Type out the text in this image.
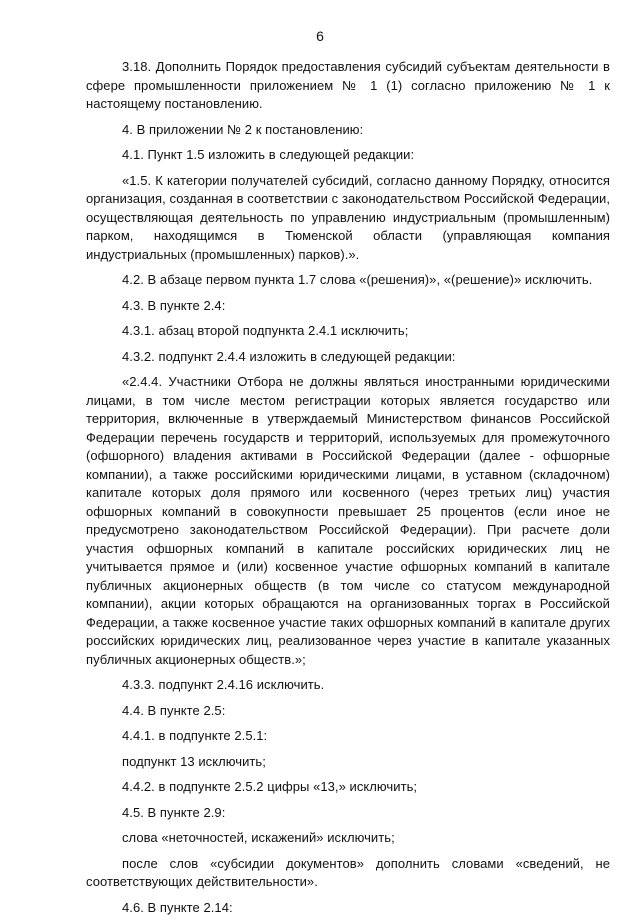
6

3.18. Дополнить Порядок предоставления субсидий субъектам деятельности в сфере промышленности приложением № 1 (1) согласно приложению № 1 к настоящему постановлению.

4. В приложении № 2 к постановлению:

4.1. Пункт 1.5 изложить в следующей редакции:

«1.5. К категории получателей субсидий, согласно данному Порядку, относится организация, созданная в соответствии с законодательством Российской Федерации, осуществляющая деятельность по управлению индустриальным (промышленным) парком, находящимся в Тюменской области (управляющая компания индустриальных (промышленных) парков).».

4.2. В абзаце первом пункта 1.7 слова «(решения)», «(решение)» исключить.

4.3. В пункте 2.4:

4.3.1. абзац второй подпункта 2.4.1 исключить;

4.3.2. подпункт 2.4.4 изложить в следующей редакции:

«2.4.4. Участники Отбора не должны являться иностранными юридическими лицами, в том числе местом регистрации которых является государство или территория, включенные в утверждаемый Министерством финансов Российской Федерации перечень государств и территорий, используемых для промежуточного (офшорного) владения активами в Российской Федерации (далее - офшорные компании), а также российскими юридическими лицами, в уставном (складочном) капитале которых доля прямого или косвенного (через третьих лиц) участия офшорных компаний в совокупности превышает 25 процентов (если иное не предусмотрено законодательством Российской Федерации). При расчете доли участия офшорных компаний в капитале российских юридических лиц не учитывается прямое и (или) косвенное участие офшорных компаний в капитале публичных акционерных обществ (в том числе со статусом международной компании), акции которых обращаются на организованных торгах в Российской Федерации, а также косвенное участие таких офшорных компаний в капитале других российских юридических лиц, реализованное через участие в капитале указанных публичных акционерных обществ.»;

4.3.3. подпункт 2.4.16 исключить.

4.4. В пункте 2.5:

4.4.1. в подпункте 2.5.1:

подпункт 13 исключить;

4.4.2. в подпункте 2.5.2 цифры «13,» исключить;

4.5. В пункте 2.9:

слова «неточностей, искажений» исключить;

после слов «субсидии документов» дополнить словами «сведений, не соответствующих действительности».

4.6. В пункте 2.14:
